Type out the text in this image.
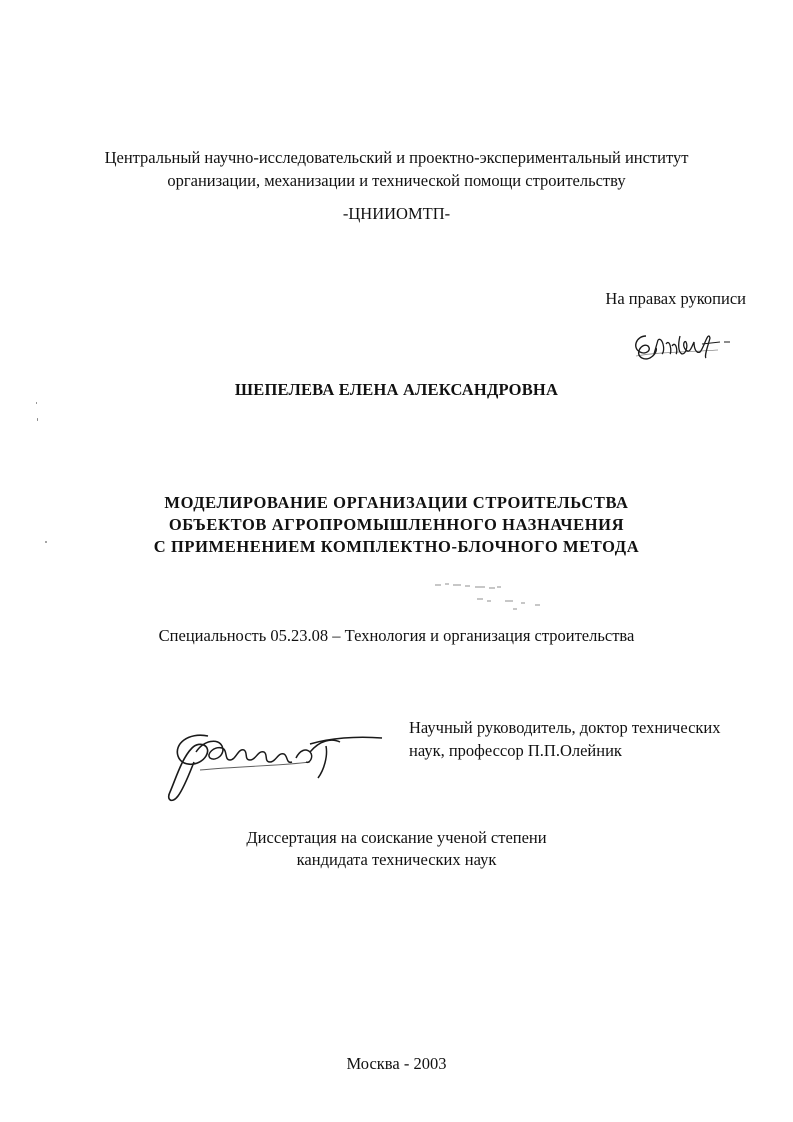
Центральный научно-исследовательский и проектно-экспериментальный институт
организации, механизации и технической помощи строительству
-ЦНИИОМТП-
На правах рукописи
ШЕПЕЛЕВА ЕЛЕНА АЛЕКСАНДРОВНА
МОДЕЛИРОВАНИЕ ОРГАНИЗАЦИИ СТРОИТЕЛЬСТВА
ОБЪЕКТОВ АГРОПРОМЫШЛЕННОГО НАЗНАЧЕНИЯ
С ПРИМЕНЕНИЕМ КОМПЛЕКТНО-БЛОЧНОГО МЕТОДА
Специальность 05.23.08 – Технология и организация строительства
Научный руководитель, доктор технических
наук, профессор П.П.Олейник
Диссертация на соискание ученой степени
кандидата технических наук
Москва - 2003
